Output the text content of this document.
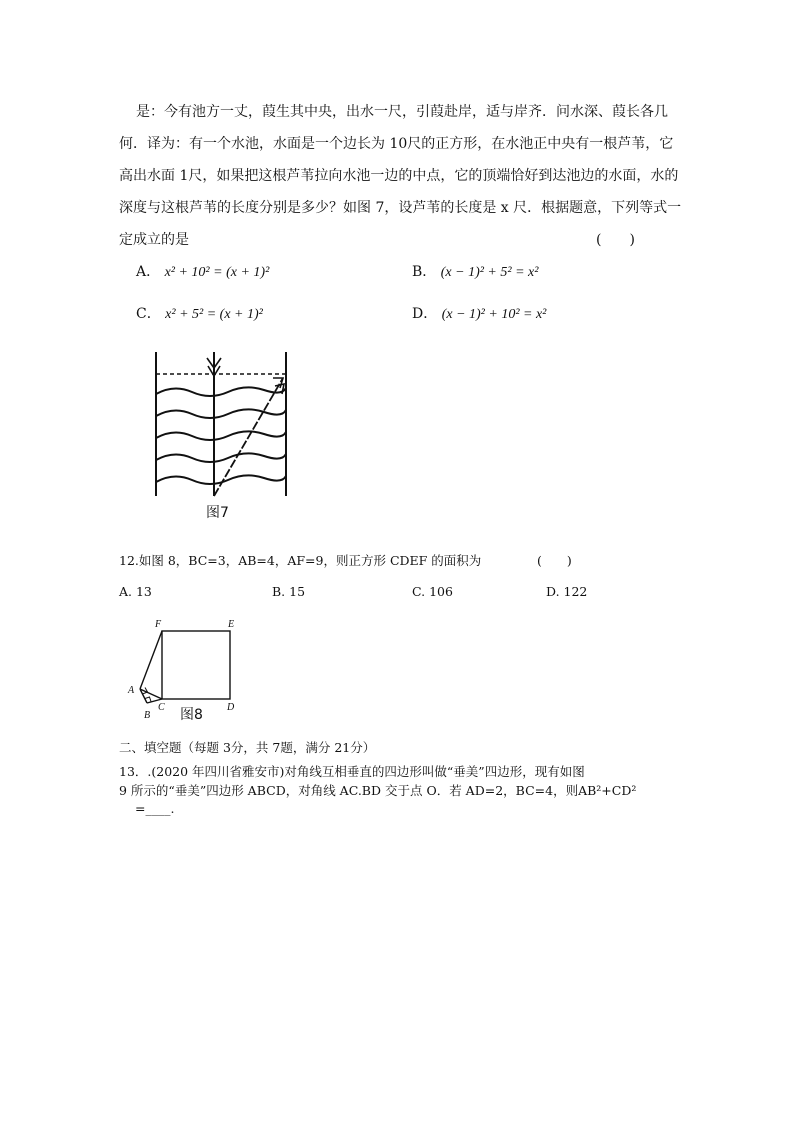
是：今有池方一丈，葭生其中央，出水一尺，引葭赴岸，适与岸齐．问水深、葭长各几
何．译为：有一个水池，水面是一个边长为 10尺的正方形，在水池正中央有一根芦苇，它
高出水面 1尺，如果把这根芦苇拉向水池一边的中点，它的顶端恰好到达池边的水面，水的
深度与这根芦苇的长度分别是多少？如图 7，设芦苇的长度是 x 尺．根据题意，下列等式一
定成立的是	(　　)
A． x² + 10² = (x + 1)²	B． (x − 1)² + 5² = x²
C． x² + 5² = (x + 1)²	D． (x − 1)² + 10² = x²
图7
12.如图 8，BC=3，AB=4，AF=9，则正方形 CDEF 的面积为	(　　)
A. 13	B. 15	C. 106	D. 122
F	E
A
B
C	D
图8
二、填空题（每题 3分，共 7题，满分 21分）
13．.(2020 年四川省雅安市)对角线互相垂直的四边形叫做“垂美”四边形，现有如图
9 所示的“垂美”四边形 ABCD，对角线 AC.BD 交于点 O．若 AD=2，BC=4，则AB²+CD²
=____.
